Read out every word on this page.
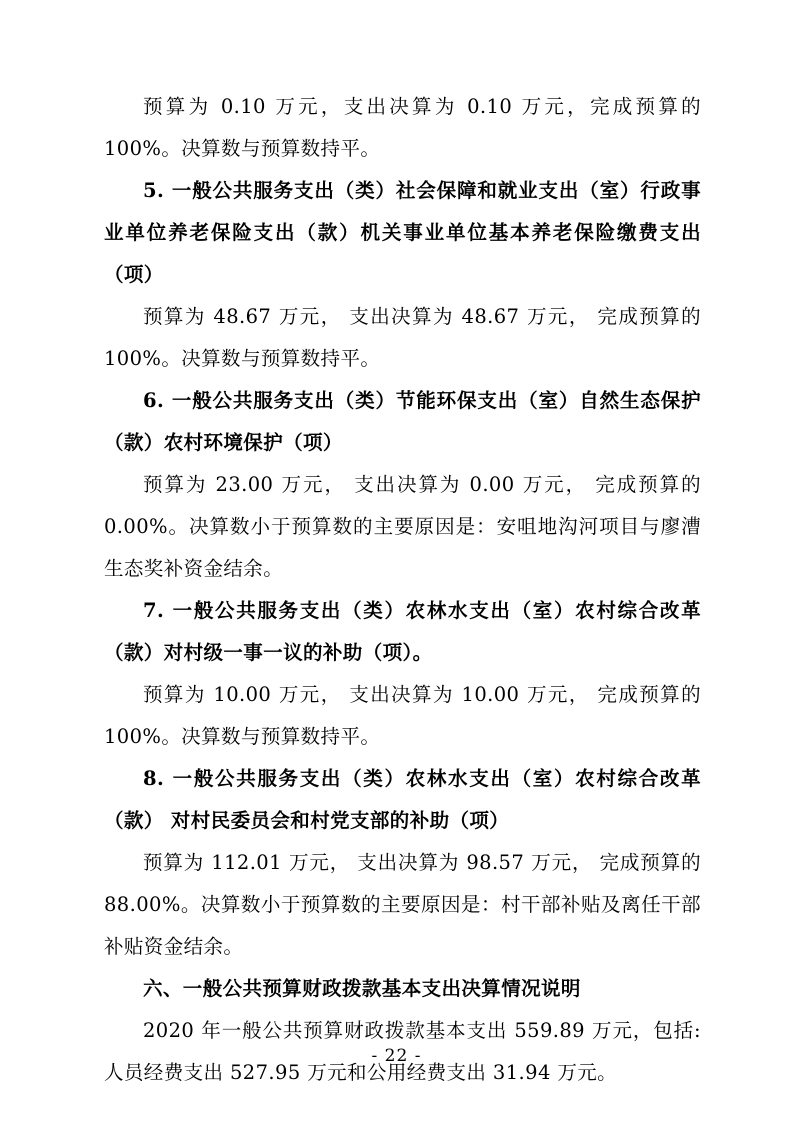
预算为 0.10 万元，支出决算为 0.10 万元，完成预算的 100%。决算数与预算数持平。

5. 一般公共服务支出（类）社会保障和就业支出（室）行政事业单位养老保险支出（款）机关事业单位基本养老保险缴费支出（项）

预算为 48.67 万元， 支出决算为 48.67 万元， 完成预算的 100%。决算数与预算数持平。

6. 一般公共服务支出（类）节能环保支出（室）自然生态保护（款）农村环境保护（项）

预算为 23.00 万元， 支出决算为 0.00 万元， 完成预算的 0.00%。决算数小于预算数的主要原因是：安咀地沟河项目与廖漕生态奖补资金结余。

7. 一般公共服务支出（类）农林水支出（室）农村综合改革（款）对村级一事一议的补助（项）。

预算为 10.00 万元， 支出决算为 10.00 万元， 完成预算的 100%。决算数与预算数持平。

8. 一般公共服务支出（类）农林水支出（室）农村综合改革（款） 对村民委员会和村党支部的补助（项）

预算为 112.01 万元， 支出决算为 98.57 万元， 完成预算的 88.00%。决算数小于预算数的主要原因是：村干部补贴及离任干部补贴资金结余。

六、一般公共预算财政拨款基本支出决算情况说明

2020 年一般公共预算财政拨款基本支出 559.89 万元，包括: 人员经费支出 527.95 万元和公用经费支出 31.94 万元。

- 22 -
